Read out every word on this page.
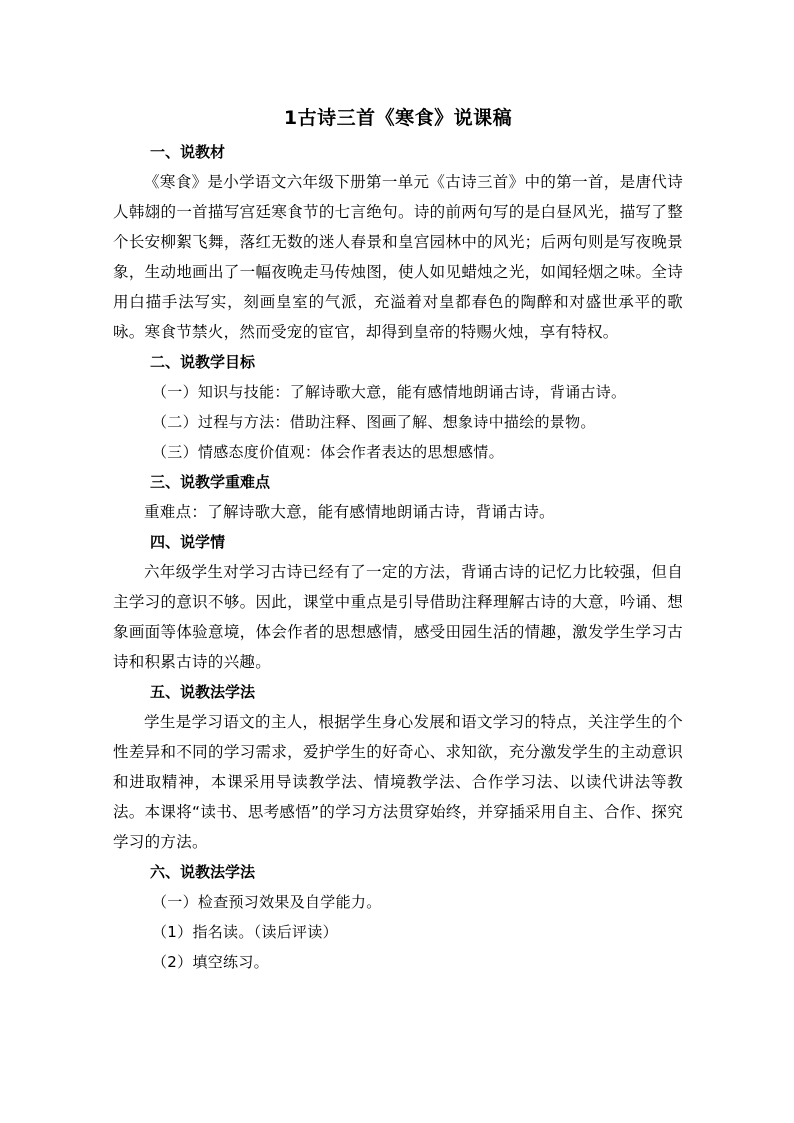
1古诗三首《寒食》说课稿
一、说教材
《寒食》是小学语文六年级下册第一单元《古诗三首》中的第一首，是唐代诗人韩翃的一首描写宫廷寒食节的七言绝句。诗的前两句写的是白昼风光，描写了整个长安柳絮飞舞，落红无数的迷人春景和皇宫园林中的风光；后两句则是写夜晚景象，生动地画出了一幅夜晚走马传烛图，使人如见蜡烛之光，如闻轻烟之味。全诗用白描手法写实，刻画皇室的气派，充溢着对皇都春色的陶醉和对盛世承平的歌咏。寒食节禁火，然而受宠的宦官，却得到皇帝的特赐火烛，享有特权。
二、说教学目标
（一）知识与技能：了解诗歌大意，能有感情地朗诵古诗，背诵古诗。
（二）过程与方法：借助注释、图画了解、想象诗中描绘的景物。
（三）情感态度价值观：体会作者表达的思想感情。
三、说教学重难点
重难点：了解诗歌大意，能有感情地朗诵古诗，背诵古诗。
四、说学情
六年级学生对学习古诗已经有了一定的方法，背诵古诗的记忆力比较强，但自主学习的意识不够。因此，课堂中重点是引导借助注释理解古诗的大意，吟诵、想象画面等体验意境，体会作者的思想感情，感受田园生活的情趣，激发学生学习古诗和积累古诗的兴趣。
五、说教法学法
学生是学习语文的主人，根据学生身心发展和语文学习的特点，关注学生的个性差异和不同的学习需求，爱护学生的好奇心、求知欲，充分激发学生的主动意识和进取精神，本课采用导读教学法、情境教学法、合作学习法、以读代讲法等教法。本课将“读书、思考感悟”的学习方法贯穿始终，并穿插采用自主、合作、探究学习的方法。
六、说教法学法
（一）检查预习效果及自学能力。
（1）指名读。（读后评读）
（2）填空练习。
